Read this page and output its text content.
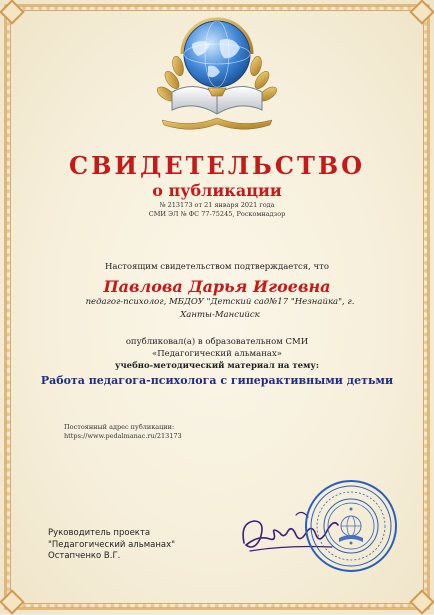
СВИДЕТЕЛЬСТВО
о публикации
№ 213173 от 21 января 2021 года
СМИ ЭЛ № ФС 77-75245, Роскомнадзор
Настоящим свидетельством подтверждается, что
Павлова Дарья Игоевна
педагог-психолог, МБДОУ "Детский сад№17 "Незнайка", г. Ханты-Мансийск
опубликовал(а) в образовательном СМИ
«Педагогический альманах»
учебно-методический материал на тему:
Работа педагога-психолога с гиперактивными детьми
Постоянный адрес публикации:
https://www.pedalmanac.ru/213173
Руководитель проекта
"Педагогический альманах"
Остапченко В.Г.
